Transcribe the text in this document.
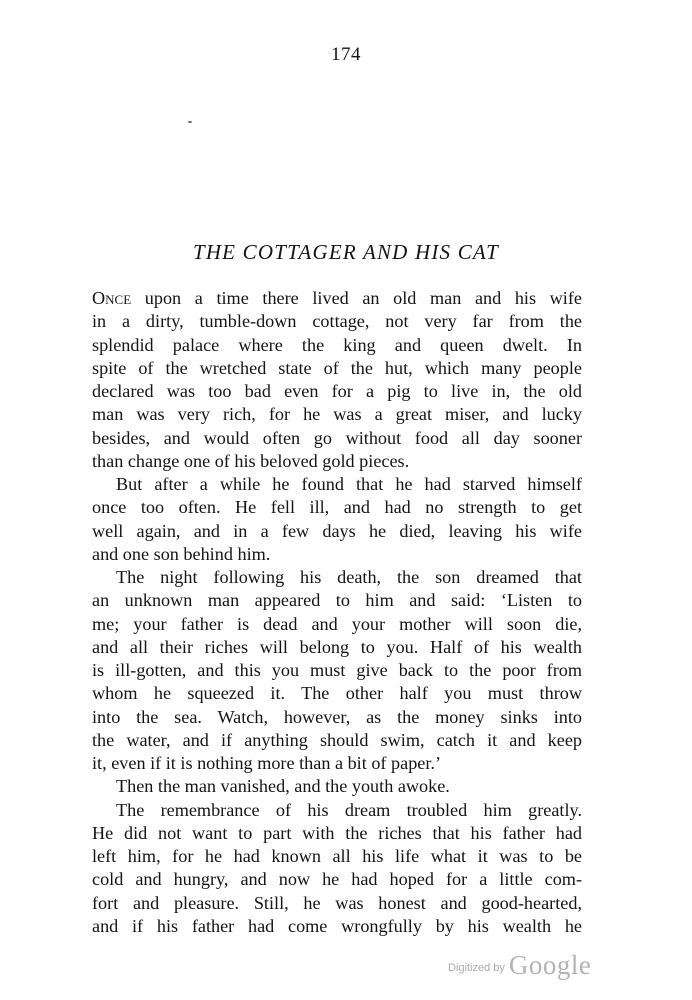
174
THE COTTAGER AND HIS CAT
Once upon a time there lived an old man and his wife
in a dirty, tumble-down cottage, not very far from the
splendid palace where the king and queen dwelt. In
spite of the wretched state of the hut, which many people
declared was too bad even for a pig to live in, the old
man was very rich, for he was a great miser, and lucky
besides, and would often go without food all day sooner
than change one of his beloved gold pieces.
But after a while he found that he had starved himself
once too often. He fell ill, and had no strength to get
well again, and in a few days he died, leaving his wife
and one son behind him.
The night following his death, the son dreamed that
an unknown man appeared to him and said: ‘Listen to
me; your father is dead and your mother will soon die,
and all their riches will belong to you. Half of his wealth
is ill-gotten, and this you must give back to the poor from
whom he squeezed it. The other half you must throw
into the sea. Watch, however, as the money sinks into
the water, and if anything should swim, catch it and keep
it, even if it is nothing more than a bit of paper.’
Then the man vanished, and the youth awoke.
The remembrance of his dream troubled him greatly.
He did not want to part with the riches that his father had
left him, for he had known all his life what it was to be
cold and hungry, and now he had hoped for a little com-
fort and pleasure. Still, he was honest and good-hearted,
and if his father had come wrongfully by his wealth he
Digitized by Google
